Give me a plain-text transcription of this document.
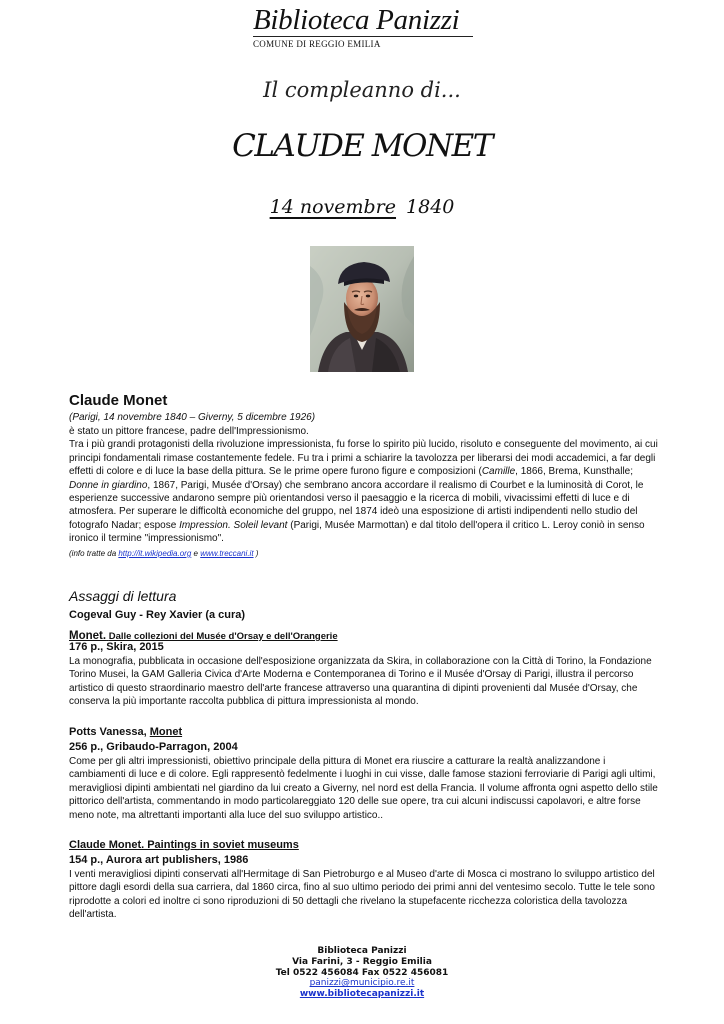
Biblioteca Panizzi
COMUNE DI REGGIO EMILIA
Il compleanno di...
CLAUDE MONET
14 novembre 1840
Claude Monet
(Parigi, 14 novembre 1840 – Giverny, 5 dicembre 1926)

è stato un pittore francese, padre dell'Impressionismo.

Tra i più grandi protagonisti della rivoluzione impressionista, fu forse lo spirito più lucido, risoluto e conseguente del movimento, ai cui principi fondamentali rimase costantemente fedele. Fu tra i primi a schiarire la tavolozza per liberarsi dei modi accademici, a far degli effetti di colore e di luce la base della pittura. Se le prime opere furono figure e composizioni (Camille, 1866, Brema, Kunsthalle; Donne in giardino, 1867, Parigi, Musée d'Orsay) che sembrano ancora accordare il realismo di Courbet e la luminosità di Corot, le esperienze successive andarono sempre più orientandosi verso il paesaggio e la ricerca di mobili, vivacissimi effetti di luce e di atmosfera. Per superare le difficoltà economiche del gruppo, nel 1874 ideò una esposizione di artisti indipendenti nello studio del fotografo Nadar; espose Impression. Soleil levant (Parigi, Musée Marmottan) e dal titolo dell'opera il critico L. Leroy coniò in senso ironico il termine "impressionismo".

(info tratte da http://it.wikipedia.org e www.treccani.it )
Assaggi di lettura
Cogeval Guy - Rey Xavier (a cura)
Monet. Dalle collezioni del Musée d'Orsay e dell'Orangerie
176 p., Skira, 2015
La monografia, pubblicata in occasione dell'esposizione organizzata da Skira, in collaborazione con la Città di Torino, la Fondazione Torino Musei, la GAM Galleria Civica d'Arte Moderna e Contemporanea di Torino e il Musée d'Orsay di Parigi, illustra il percorso artistico di questo straordinario maestro dell'arte francese attraverso una quarantina di dipinti provenienti dal Musée d'Orsay, che conserva la più importante raccolta pubblica di pittura impressionista al mondo.
Potts Vanessa, Monet
256 p., Gribaudo-Parragon, 2004
Come per gli altri impressionisti, obiettivo principale della pittura di Monet era riuscire a catturare la realtà analizzandone i cambiamenti di luce e di colore. Egli rappresentò fedelmente i luoghi in cui visse, dalle famose stazioni ferroviarie di Parigi agli ultimi, meravigliosi dipinti ambientati nel giardino da lui creato a Giverny, nel nord est della Francia. Il volume affronta ogni aspetto dello stile pittorico dell'artista, commentando in modo particolareggiato 120 delle sue opere, tra cui alcuni indiscussi capolavori, e altre forse meno note, ma altrettanti importanti alla luce del suo sviluppo artistico..
Claude Monet. Paintings in soviet museums
154 p., Aurora art publishers, 1986
I venti meravigliosi dipinti conservati all'Hermitage di San Pietroburgo e al Museo d'arte di Mosca ci mostrano lo sviluppo artistico del pittore dagli esordi della sua carriera, dal 1860 circa, fino al suo ultimo periodo dei primi anni del ventesimo secolo. Tutte le tele sono riprodotte a colori ed inoltre ci sono riproduzioni di 50 dettagli che rivelano la stupefacente ricchezza coloristica della tavolozza dell'artista.
Biblioteca Panizzi
Via Farini, 3 - Reggio Emilia
Tel 0522 456084 Fax 0522 456081
panizzi@municipio.re.it
www.bibliotecapanizzi.it
